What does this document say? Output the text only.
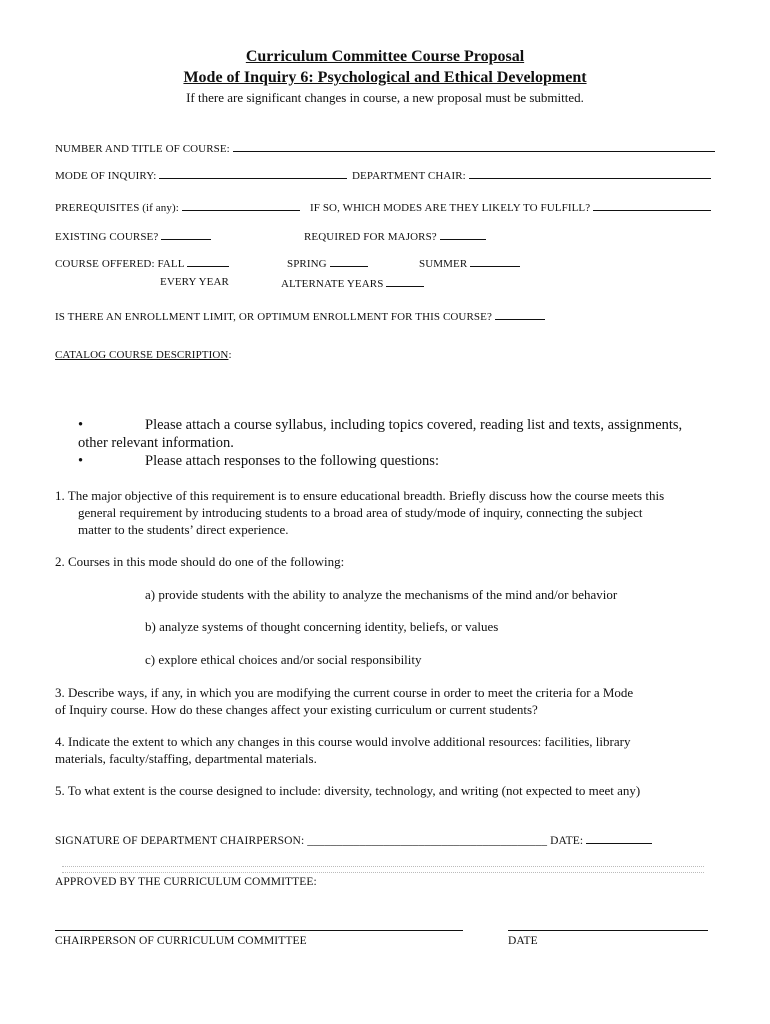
Curriculum Committee Course Proposal
Mode of Inquiry 6: Psychological and Ethical Development
If there are significant changes in course, a new proposal must be submitted.
NUMBER AND TITLE OF COURSE:
MODE OF INQUIRY:	DEPARTMENT CHAIR:
PREREQUISITES (if any):	IF SO, WHICH MODES ARE THEY LIKELY TO FULFILL?
EXISTING COURSE?	REQUIRED FOR MAJORS?
COURSE OFFERED: FALL	SPRING	SUMMER
EVERY YEAR	ALTERNATE YEARS
IS THERE AN ENROLLMENT LIMIT, OR OPTIMUM ENROLLMENT FOR THIS COURSE?
CATALOG COURSE DESCRIPTION:
•	Please attach a course syllabus, including topics covered, reading list and texts, assignments,
other relevant information.
•	Please attach responses to the following questions:
1. The major objective of this requirement is to ensure educational breadth. Briefly discuss how the course meets this
general requirement by introducing students to a broad area of study/mode of inquiry, connecting the subject
matter to the students’ direct experience.
2. Courses in this mode should do one of the following:
a) provide students with the ability to analyze the mechanisms of the mind and/or behavior
b) analyze systems of thought concerning identity, beliefs, or values
c) explore ethical choices and/or social responsibility
3. Describe ways, if any, in which you are modifying the current course in order to meet the criteria for a Mode
of Inquiry course. How do these changes affect your existing curriculum or current students?
4. Indicate the extent to which any changes in this course would involve additional resources: facilities, library
materials, faculty/staffing, departmental materials.
5. To what extent is the course designed to include: diversity, technology, and writing (not expected to meet any)
SIGNATURE OF DEPARTMENT CHAIRPERSON: _________________________________________ DATE:
APPROVED BY THE CURRICULUM COMMITTEE:
CHAIRPERSON OF CURRICULUM COMMITTEE	DATE
